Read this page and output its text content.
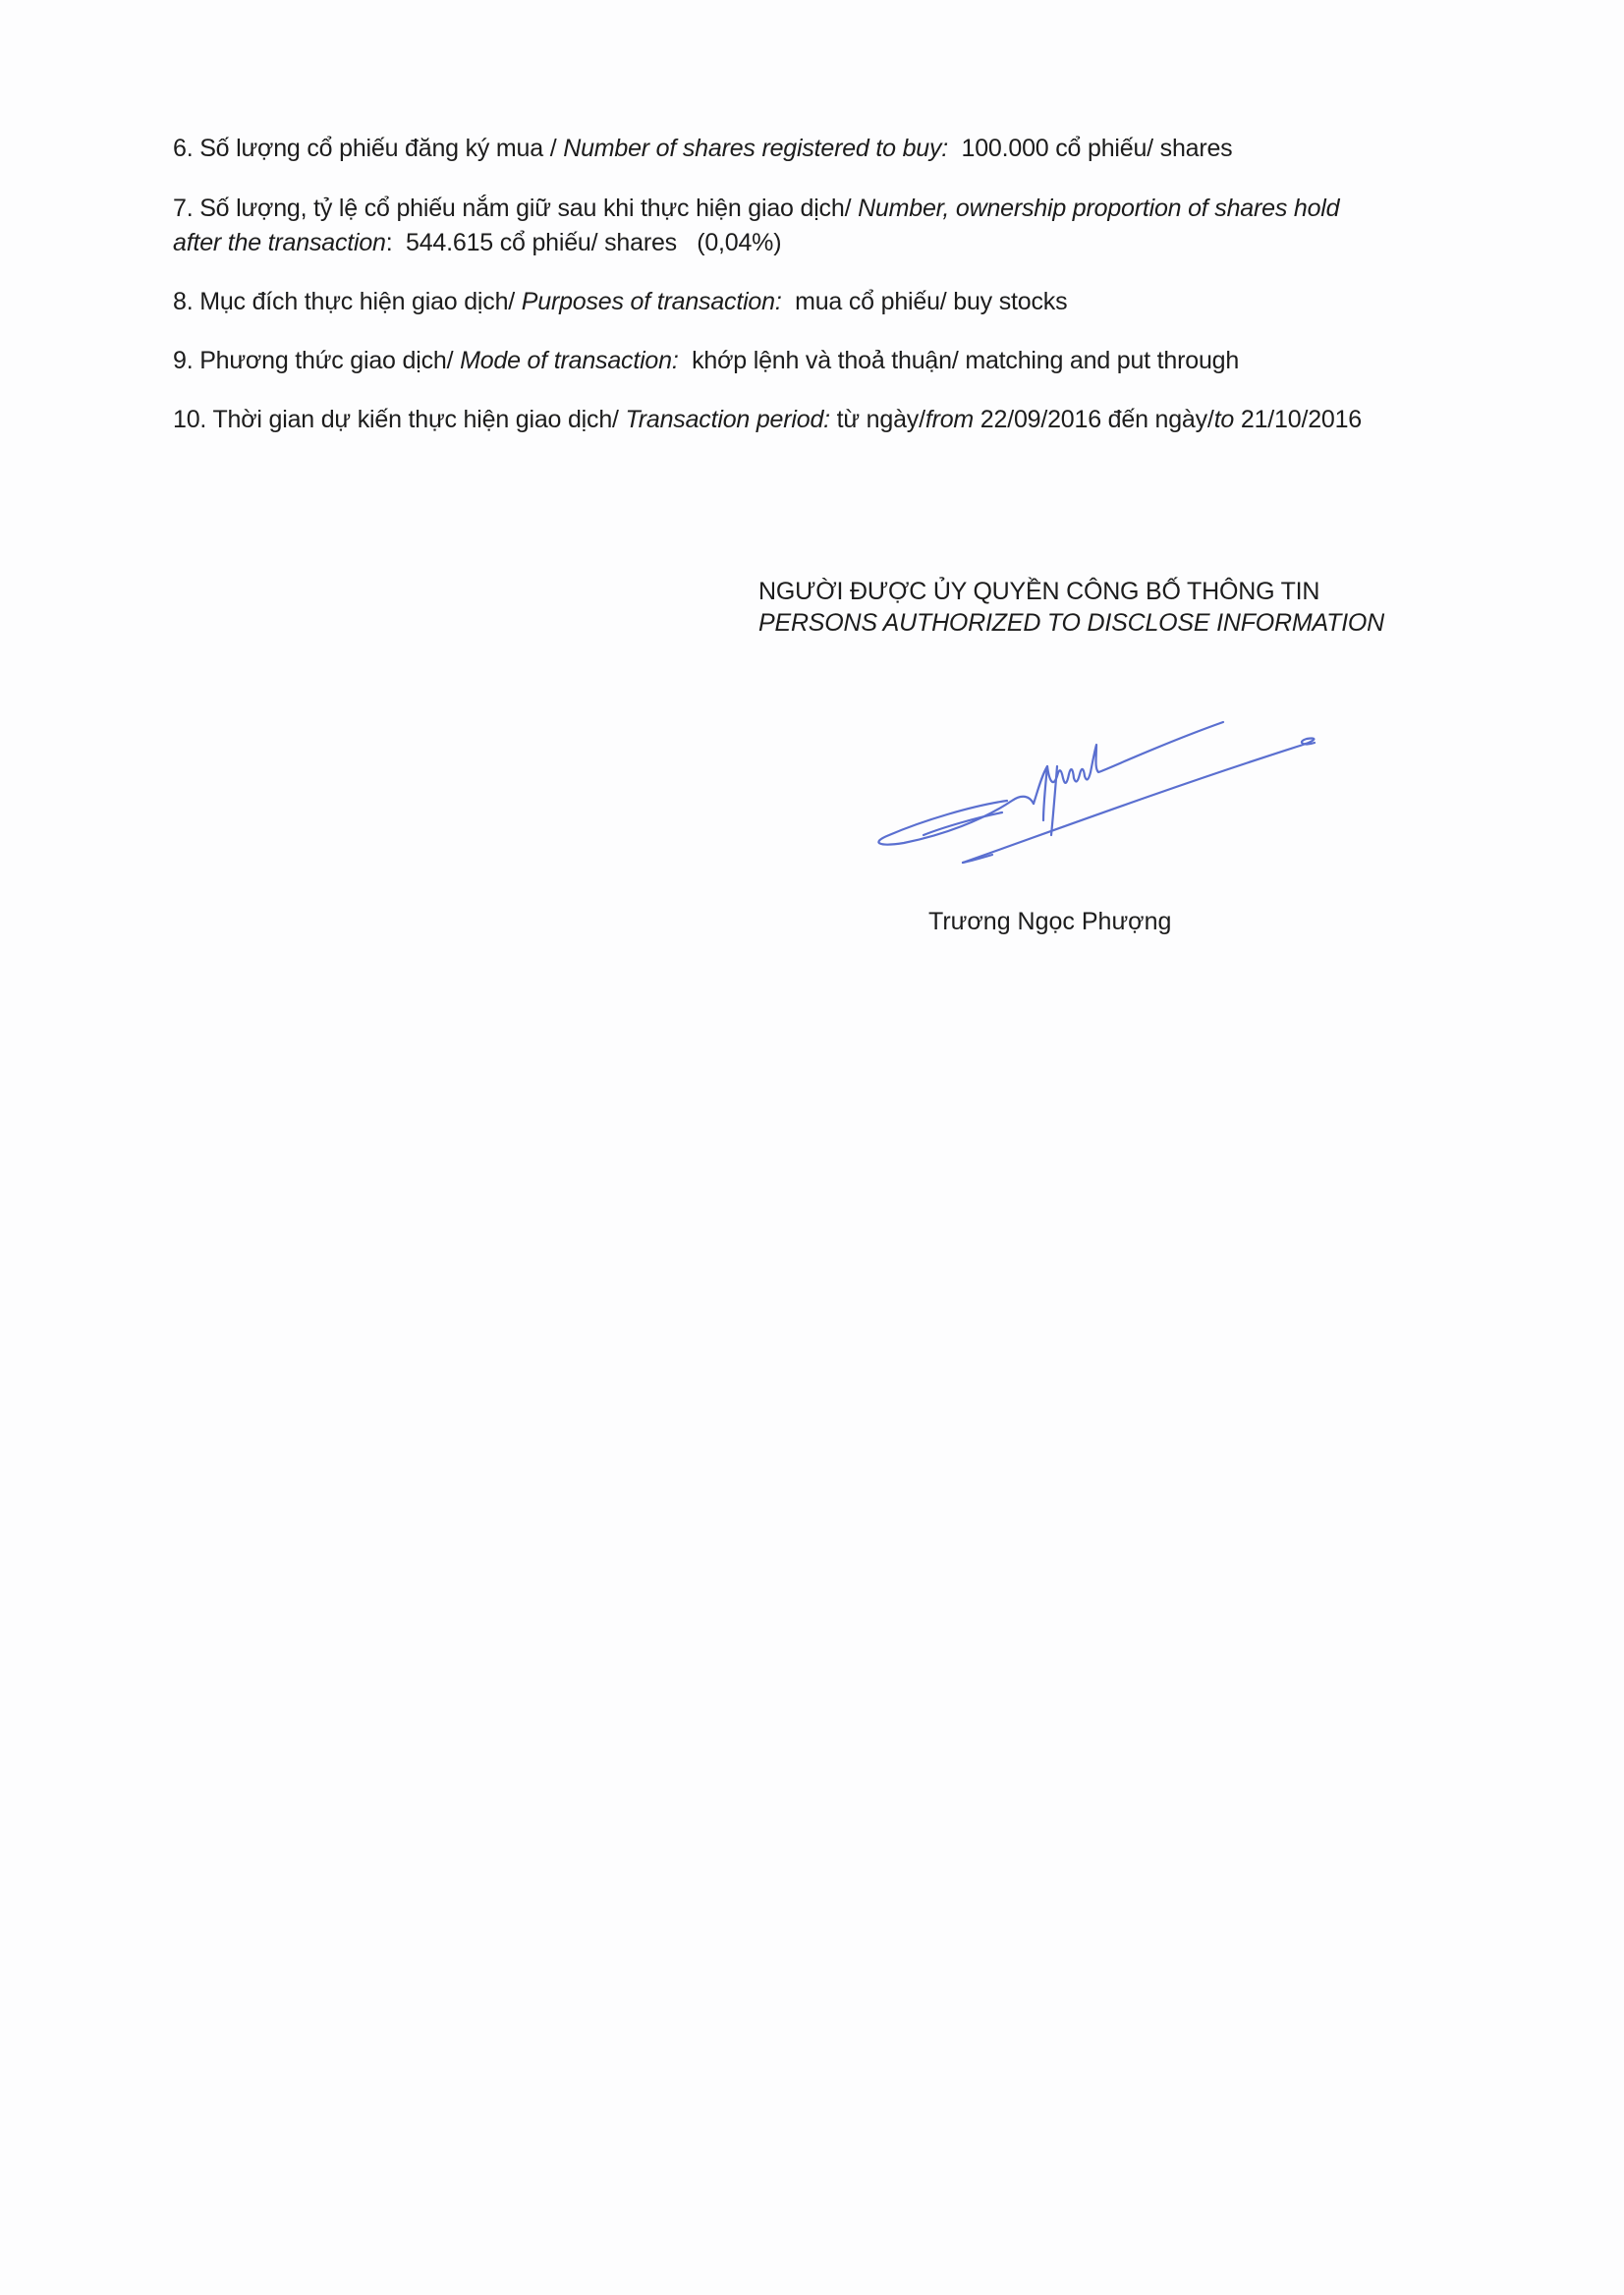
6. Số lượng cổ phiếu đăng ký mua / Number of shares registered to buy:  100.000 cổ phiếu/ shares
7. Số lượng, tỷ lệ cổ phiếu nắm giữ sau khi thực hiện giao dịch/ Number, ownership proportion of shares hold
after the transaction:  544.615 cổ phiếu/ shares   (0,04%)
8. Mục đích thực hiện giao dịch/ Purposes of transaction:  mua cổ phiếu/ buy stocks
9. Phương thức giao dịch/ Mode of transaction:  khớp lệnh và thoả thuận/ matching and put through
10. Thời gian dự kiến thực hiện giao dịch/ Transaction period: từ ngày/from 22/09/2016 đến ngày/to 21/10/2016
NGƯỜI ĐƯỢC ỦY QUYỀN CÔNG BỐ THÔNG TIN
PERSONS AUTHORIZED TO DISCLOSE INFORMATION
Trương Ngọc Phượng
